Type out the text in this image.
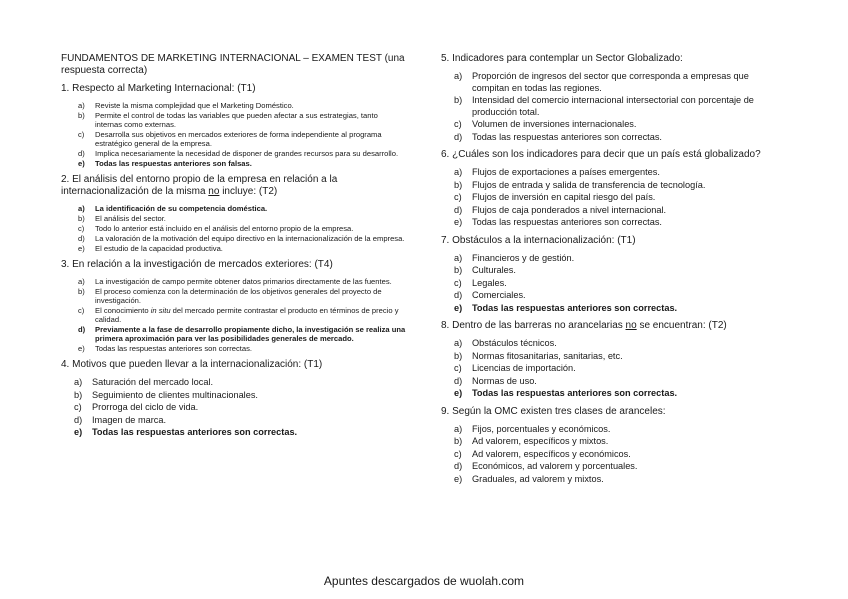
FUNDAMENTOS DE MARKETING INTERNACIONAL – EXAMEN TEST (una respuesta correcta)

1. Respecto al Marketing Internacional: (T1)

a)	Reviste la misma complejidad que el Marketing Doméstico.
b)	Permite el control de todas las variables que pueden afectar a sus estrategias, tanto internas como externas.
c)	Desarrolla sus objetivos en mercados exteriores de forma independiente al programa estratégico general de la empresa.
d)	Implica necesariamente la necesidad de disponer de grandes recursos para su desarrollo.
e)	Todas las respuestas anteriores son falsas.

2. El análisis del entorno propio de la empresa en relación a la internacionalización de la misma no incluye: (T2)

a)	La identificación de su competencia doméstica.
b)	El análisis del sector.
c)	Todo lo anterior está incluido en el análisis del entorno propio de la empresa.
d)	La valoración de la motivación del equipo directivo en la internacionalización de la empresa.
e)	El estudio de la capacidad productiva.

3. En relación a la investigación de mercados exteriores: (T4)

a)	La investigación de campo permite obtener datos primarios directamente de las fuentes.
b)	El proceso comienza con la determinación de los objetivos generales del proyecto de investigación.
c)	El conocimiento in situ del mercado permite contrastar el producto en términos de precio y calidad.
d)	Previamente a la fase de desarrollo propiamente dicho, la investigación se realiza una primera aproximación para ver las posibilidades generales de mercado.
e)	Todas las respuestas anteriores son correctas.

4. Motivos que pueden llevar a la internacionalización: (T1)

a)	Saturación del mercado local.
b)	Seguimiento de clientes multinacionales.
c)	Prorroga del ciclo de vida.
d)	Imagen de marca.
e)	Todas las respuestas anteriores son correctas.

5. Indicadores para contemplar un Sector Globalizado:

a)	Proporción de ingresos del sector que corresponda a empresas que compitan en todas las regiones.
b)	Intensidad del comercio internacional intersectorial con porcentaje de producción total.
c)	Volumen de inversiones internacionales.
d)	Todas las respuestas anteriores son correctas.

6. ¿Cuáles son los indicadores para decir que un país está globalizado?

a)	Flujos de exportaciones a países emergentes.
b)	Flujos de entrada y salida de transferencia de tecnología.
c)	Flujos de inversión en capital riesgo del país.
d)	Flujos de caja ponderados a nivel internacional.
e)	Todas las respuestas anteriores son correctas.

7. Obstáculos a la internacionalización: (T1)

a)	Financieros y de gestión.
b)	Culturales.
c)	Legales.
d)	Comerciales.
e)	Todas las respuestas anteriores son correctas.

8. Dentro de las barreras no arancelarias no se encuentran: (T2)

a)	Obstáculos técnicos.
b)	Normas fitosanitarias, sanitarias, etc.
c)	Licencias de importación.
d)	Normas de uso.
e)	Todas las respuestas anteriores son correctas.

9. Según la OMC existen tres clases de aranceles:

a)	Fijos, porcentuales y económicos.
b)	Ad valorem, específicos y mixtos.
c)	Ad valorem, específicos y económicos.
d)	Económicos, ad valorem y porcentuales.
e)	Graduales, ad valorem y mixtos.
Apuntes descargados de wuolah.com
